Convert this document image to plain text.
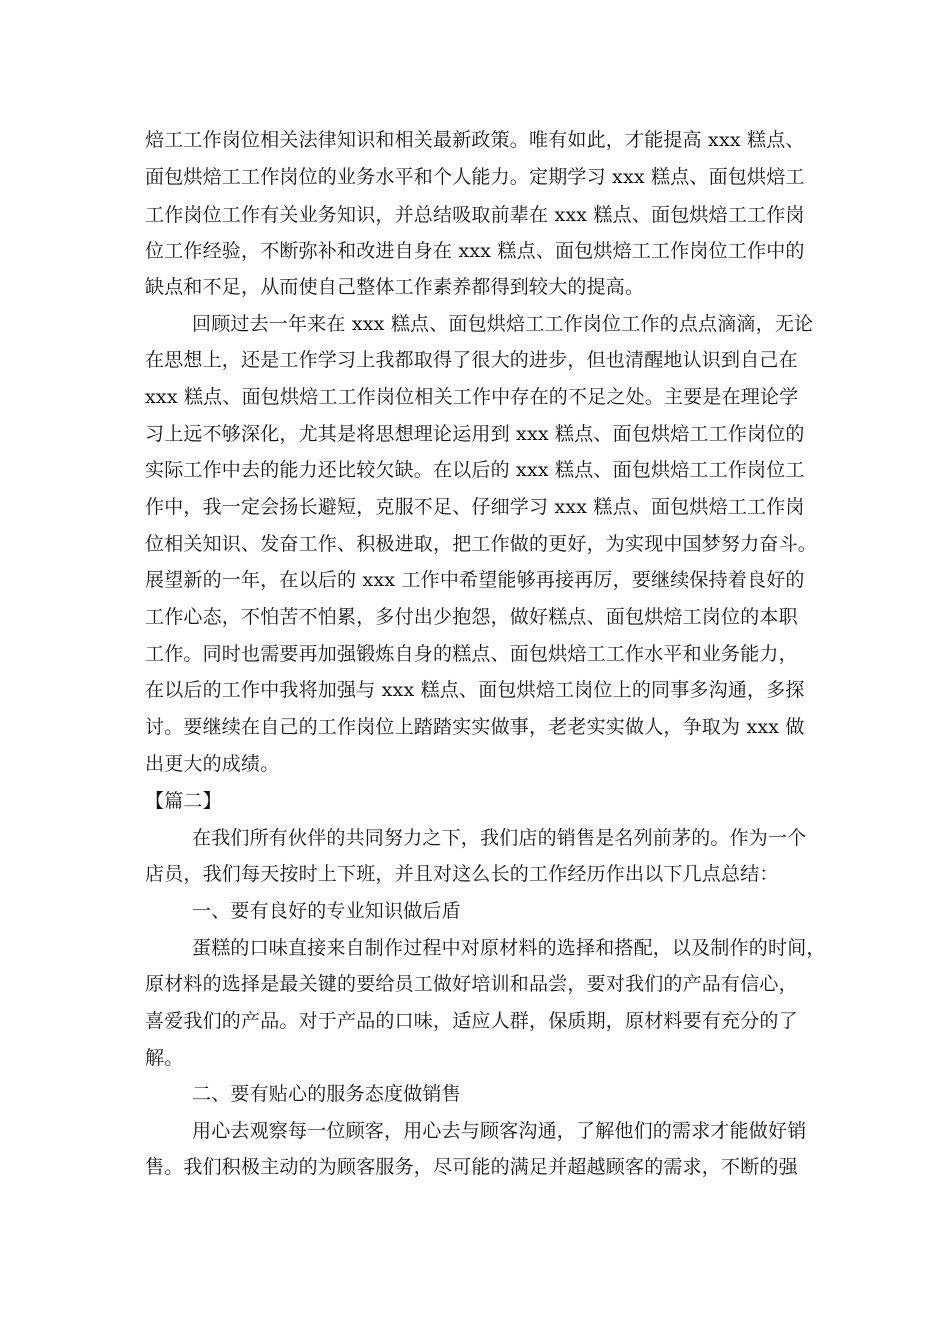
焙工工作岗位相关法律知识和相关最新政策。唯有如此，才能提高 xxx 糕点、
面包烘焙工工作岗位的业务水平和个人能力。定期学习 xxx 糕点、面包烘焙工
工作岗位工作有关业务知识，并总结吸取前辈在 xxx 糕点、面包烘焙工工作岗
位工作经验，不断弥补和改进自身在 xxx 糕点、面包烘焙工工作岗位工作中的
缺点和不足，从而使自己整体工作素养都得到较大的提高。
回顾过去一年来在 xxx 糕点、面包烘焙工工作岗位工作的点点滴滴，无论
在思想上，还是工作学习上我都取得了很大的进步，但也清醒地认识到自己在
xxx 糕点、面包烘焙工工作岗位相关工作中存在的不足之处。主要是在理论学
习上远不够深化，尤其是将思想理论运用到 xxx 糕点、面包烘焙工工作岗位的
实际工作中去的能力还比较欠缺。在以后的 xxx 糕点、面包烘焙工工作岗位工
作中，我一定会扬长避短，克服不足、仔细学习 xxx 糕点、面包烘焙工工作岗
位相关知识、发奋工作、积极进取，把工作做的更好，为实现中国梦努力奋斗。
展望新的一年，在以后的 xxx 工作中希望能够再接再厉，要继续保持着良好的
工作心态，不怕苦不怕累，多付出少抱怨，做好糕点、面包烘焙工岗位的本职
工作。同时也需要再加强锻炼自身的糕点、面包烘焙工工作水平和业务能力，
在以后的工作中我将加强与 xxx 糕点、面包烘焙工岗位上的同事多沟通，多探
讨。要继续在自己的工作岗位上踏踏实实做事，老老实实做人，争取为 xxx 做
出更大的成绩。
【篇二】
在我们所有伙伴的共同努力之下，我们店的销售是名列前茅的。作为一个
店员，我们每天按时上下班，并且对这么长的工作经历作出以下几点总结：
一、要有良好的专业知识做后盾
蛋糕的口味直接来自制作过程中对原材料的选择和搭配，以及制作的时间，
原材料的选择是最关键的要给员工做好培训和品尝，要对我们的产品有信心，
喜爱我们的产品。对于产品的口味，适应人群，保质期，原材料要有充分的了
解。
二、要有贴心的服务态度做销售
用心去观察每一位顾客，用心去与顾客沟通，了解他们的需求才能做好销
售。我们积极主动的为顾客服务，尽可能的满足并超越顾客的需求，不断的强
